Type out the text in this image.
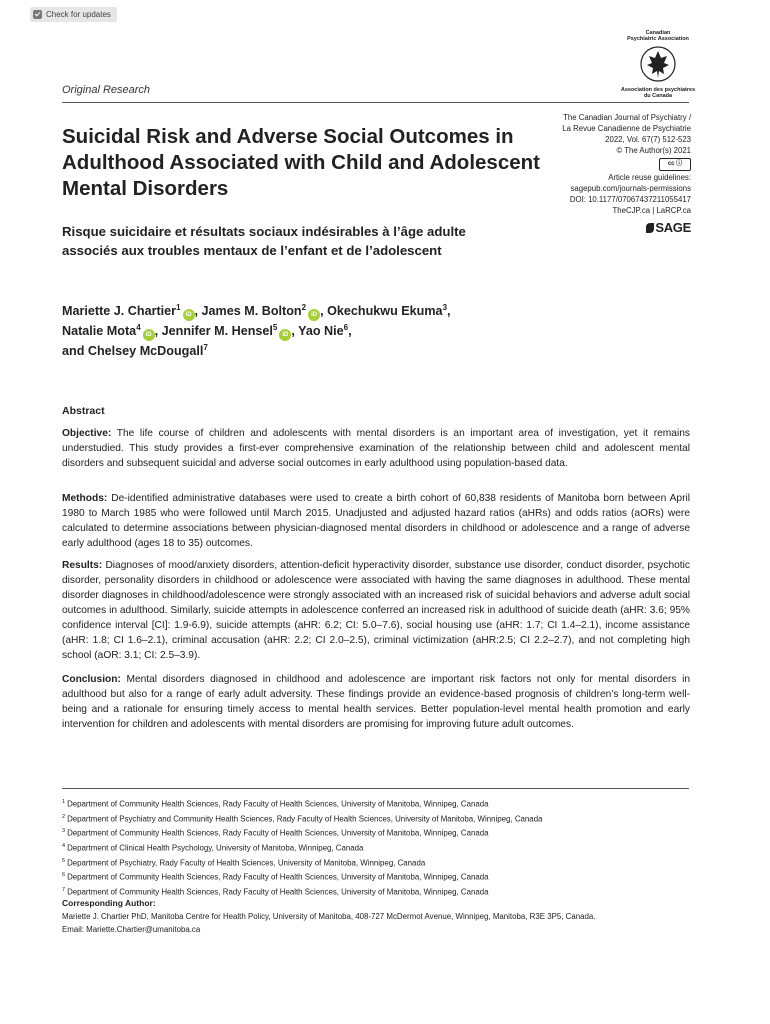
Check for updates
Canadian
Psychiatric Association
Association des psychiatres
du Canada
Original Research
Suicidal Risk and Adverse Social Outcomes in Adulthood Associated with Child and Adolescent Mental Disorders
Risque suicidaire et résultats sociaux indésirables à l’âge adulte associés aux troubles mentaux de l’enfant et de l’adolescent
The Canadian Journal of Psychiatry /
La Revue Canadienne de Psychiatrie
2022, Vol. 67(7) 512-523
© The Author(s) 2021
cc ⓘ
Article reuse guidelines:
sagepub.com/journals-permissions
DOI: 10.1177/07067437211055417
TheCJP.ca | LaRCP.ca
SAGE
Mariette J. Chartier$^1$iD , James M. Bolton$^2$iD , Okechukwu Ekuma$^3$,
Natalie Mota$^4$iD , Jennifer M. Hensel$^5$iD , Yao Nie$^6$,
and Chelsey McDougall$^7$
Abstract

Objective: The life course of children and adolescents with mental disorders is an important area of investigation, yet it remains understudied. This study provides a first-ever comprehensive examination of the relationship between child and adolescent mental disorders and subsequent suicidal and adverse social outcomes in early adulthood using population-based data.

Methods: De-identified administrative databases were used to create a birth cohort of 60,838 residents of Manitoba born between April 1980 to March 1985 who were followed until March 2015. Unadjusted and adjusted hazard ratios (aHRs) and odds ratios (aORs) were calculated to determine associations between physician-diagnosed mental disorders in childhood or adolescence and a range of adverse early adulthood (ages 18 to 35) outcomes.

Results: Diagnoses of mood/anxiety disorders, attention-deficit hyperactivity disorder, substance use disorder, conduct disorder, psychotic disorder, personality disorders in childhood or adolescence were associated with having the same diagnoses in adulthood. These mental disorder diagnoses in childhood/adolescence were strongly associated with an increased risk of suicidal behaviors and adverse adult social outcomes in adulthood. Similarly, suicide attempts in adolescence conferred an increased risk in adulthood of suicide death (aHR: 3.6; 95% confidence interval [CI]: 1.9-6.9), suicide attempts (aHR: 6.2; CI: 5.0–7.6), social housing use (aHR: 1.7; CI 1.4–2.1), income assistance (aHR: 1.8; CI 1.6–2.1), criminal accusation (aHR: 2.2; CI 2.0–2.5), criminal victimization (aHR:2.5; CI 2.2–2.7), and not completing high school (aOR: 3.1; CI: 2.5–3.9).

Conclusion: Mental disorders diagnosed in childhood and adolescence are important risk factors not only for mental disorders in adulthood but also for a range of early adult adversity. These findings provide an evidence-based prognosis of children’s long-term well-being and a rationale for ensuring timely access to mental health services. Better population-level mental health promotion and early intervention for children and adolescents with mental disorders are promising for improving future adult outcomes.

$^1$ Department of Community Health Sciences, Rady Faculty of Health Sciences, University of Manitoba, Winnipeg, Canada
$^2$ Department of Psychiatry and Community Health Sciences, Rady Faculty of Health Sciences, University of Manitoba, Winnipeg, Canada
$^3$ Department of Community Health Sciences, Rady Faculty of Health Sciences, University of Manitoba, Winnipeg, Canada
$^4$ Department of Clinical Health Psychology, University of Manitoba, Winnipeg, Canada
$^5$ Department of Psychiatry, Rady Faculty of Health Sciences, University of Manitoba, Winnipeg, Canada
$^6$ Department of Community Health Sciences, Rady Faculty of Health Sciences, University of Manitoba, Winnipeg, Canada
$^7$ Department of Community Health Sciences, Rady Faculty of Health Sciences, University of Manitoba, Winnipeg, Canada
Corresponding Author:
Mariette J. Chartier PhD, Manitoba Centre for Health Policy, University of Manitoba, 408-727 McDermot Avenue, Winnipeg, Manitoba, R3E 3P5, Canada.
Email: Mariette.Chartier@umanitoba.ca
